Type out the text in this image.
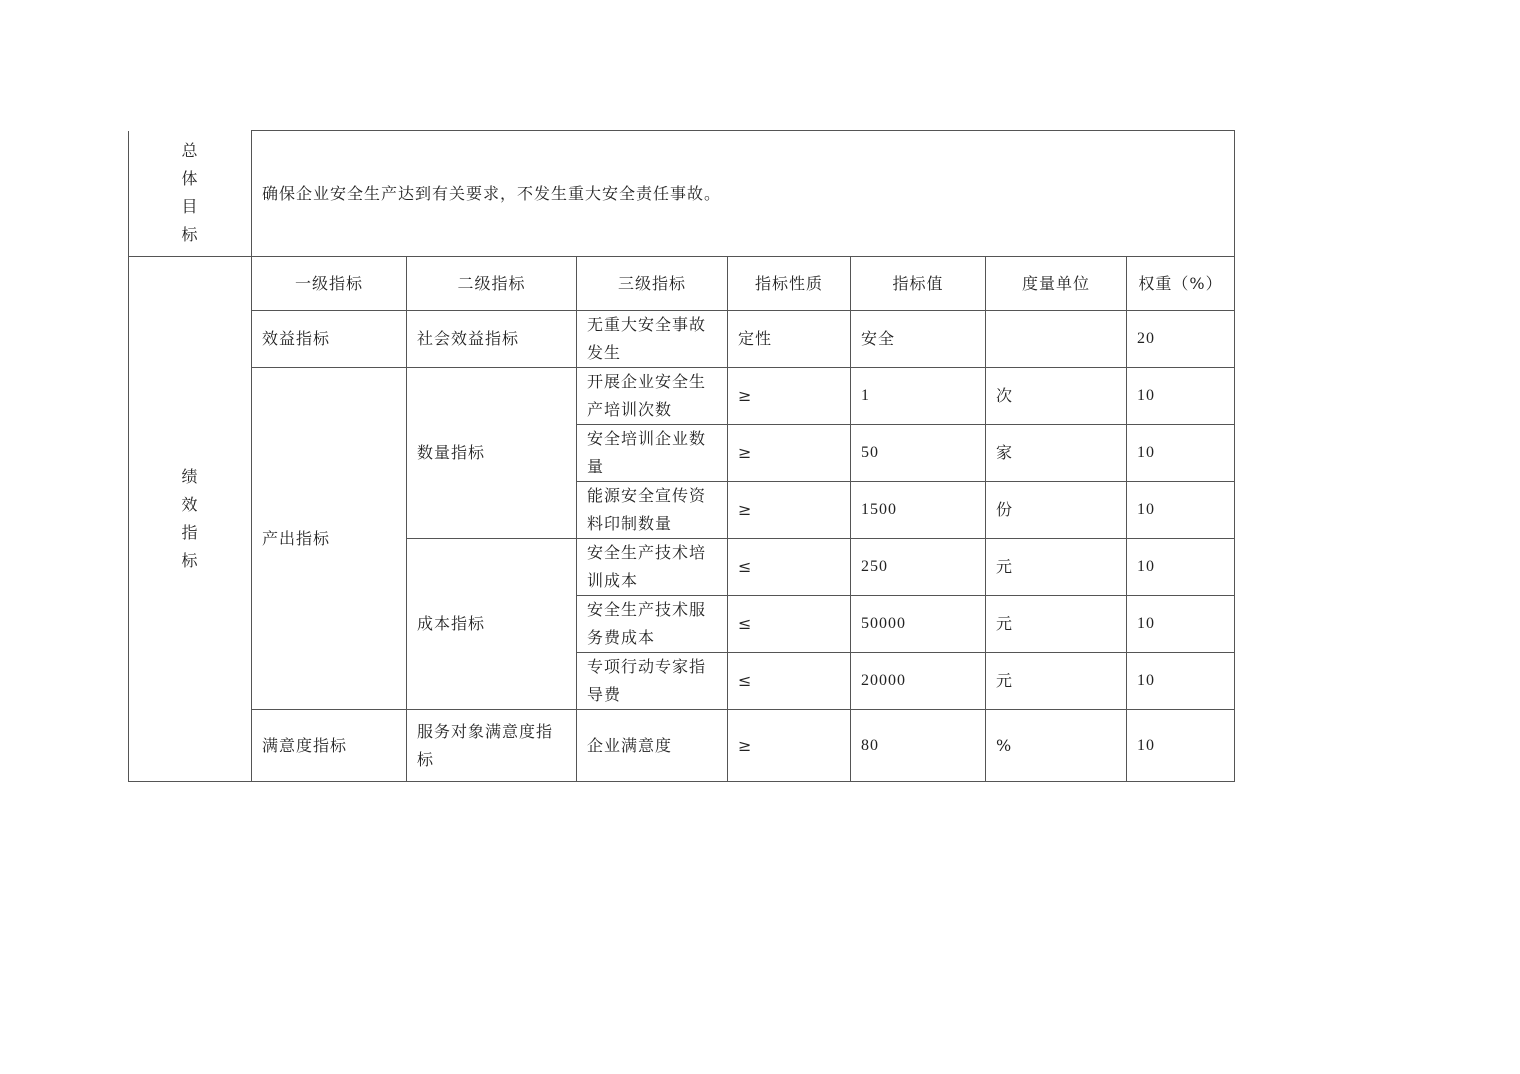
总
体
目
标	确保企业安全生产达到有关要求，不发生重大安全责任事故。						

绩
效
指
标	一级指标	二级指标	三级指标	指标性质	指标值	度量单位	权重（%）
	效益指标	社会效益指标	无重大安全事故发生	定性	安全		20
	产出指标	数量指标	开展企业安全生产培训次数	≥	1	次	10
			安全培训企业数量	≥	50	家	10
			能源安全宣传资料印制数量	≥	1500	份	10
		成本指标	安全生产技术培训成本	≤	250	元	10
			安全生产技术服务费成本	≤	50000	元	10
			专项行动专家指导费	≤	20000	元	10
	满意度指标	服务对象满意度指标	企业满意度	≥	80	%	10
